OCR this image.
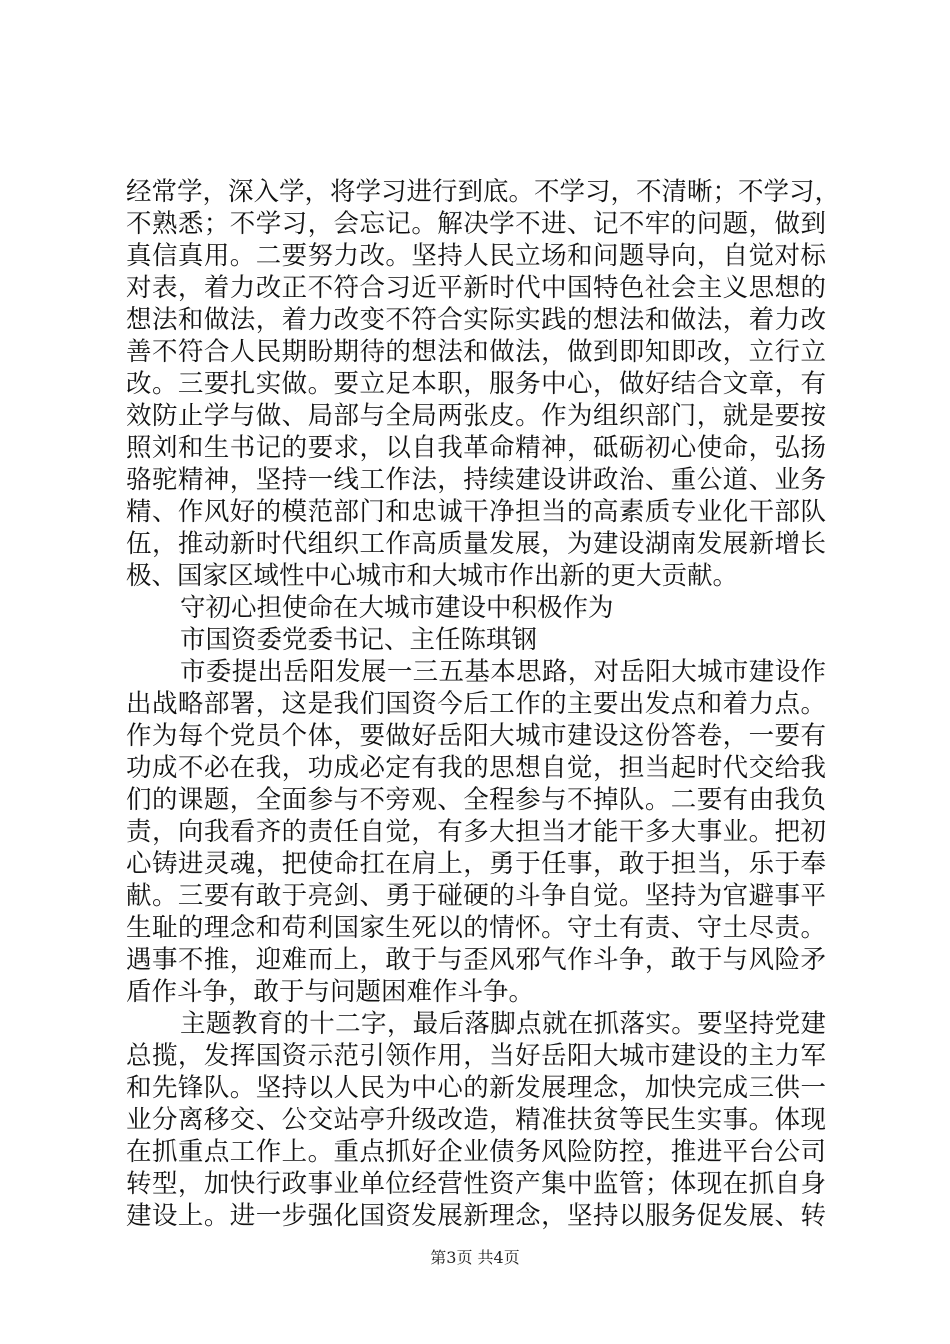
经常学，深入学，将学习进行到底。不学习，不清晰；不学习，
不熟悉；不学习，会忘记。解决学不进、记不牢的问题，做到
真信真用。二要努力改。坚持人民立场和问题导向，自觉对标
对表，着力改正不符合习近平新时代中国特色社会主义思想的
想法和做法，着力改变不符合实际实践的想法和做法，着力改
善不符合人民期盼期待的想法和做法，做到即知即改，立行立
改。三要扎实做。要立足本职，服务中心，做好结合文章，有
效防止学与做、局部与全局两张皮。作为组织部门，就是要按
照刘和生书记的要求，以自我革命精神，砥砺初心使命，弘扬
骆驼精神，坚持一线工作法，持续建设讲政治、重公道、业务
精、作风好的模范部门和忠诚干净担当的高素质专业化干部队
伍，推动新时代组织工作高质量发展，为建设湖南发展新增长
极、国家区域性中心城市和大城市作出新的更大贡献。
守初心担使命在大城市建设中积极作为
市国资委党委书记、主任陈琪钢
市委提出岳阳发展一三五基本思路，对岳阳大城市建设作
出战略部署，这是我们国资今后工作的主要出发点和着力点。
作为每个党员个体，要做好岳阳大城市建设这份答卷，一要有
功成不必在我，功成必定有我的思想自觉，担当起时代交给我
们的课题，全面参与不旁观、全程参与不掉队。二要有由我负
责，向我看齐的责任自觉，有多大担当才能干多大事业。把初
心铸进灵魂，把使命扛在肩上，勇于任事，敢于担当，乐于奉
献。三要有敢于亮剑、勇于碰硬的斗争自觉。坚持为官避事平
生耻的理念和苟利国家生死以的情怀。守土有责、守土尽责。
遇事不推，迎难而上，敢于与歪风邪气作斗争，敢于与风险矛
盾作斗争，敢于与问题困难作斗争。
主题教育的十二字，最后落脚点就在抓落实。要坚持党建
总揽，发挥国资示范引领作用，当好岳阳大城市建设的主力军
和先锋队。坚持以人民为中心的新发展理念，加快完成三供一
业分离移交、公交站亭升级改造，精准扶贫等民生实事。体现
在抓重点工作上。重点抓好企业债务风险防控，推进平台公司
转型，加快行政事业单位经营性资产集中监管；体现在抓自身
建设上。进一步强化国资发展新理念，坚持以服务促发展、转
第3页 共4页
